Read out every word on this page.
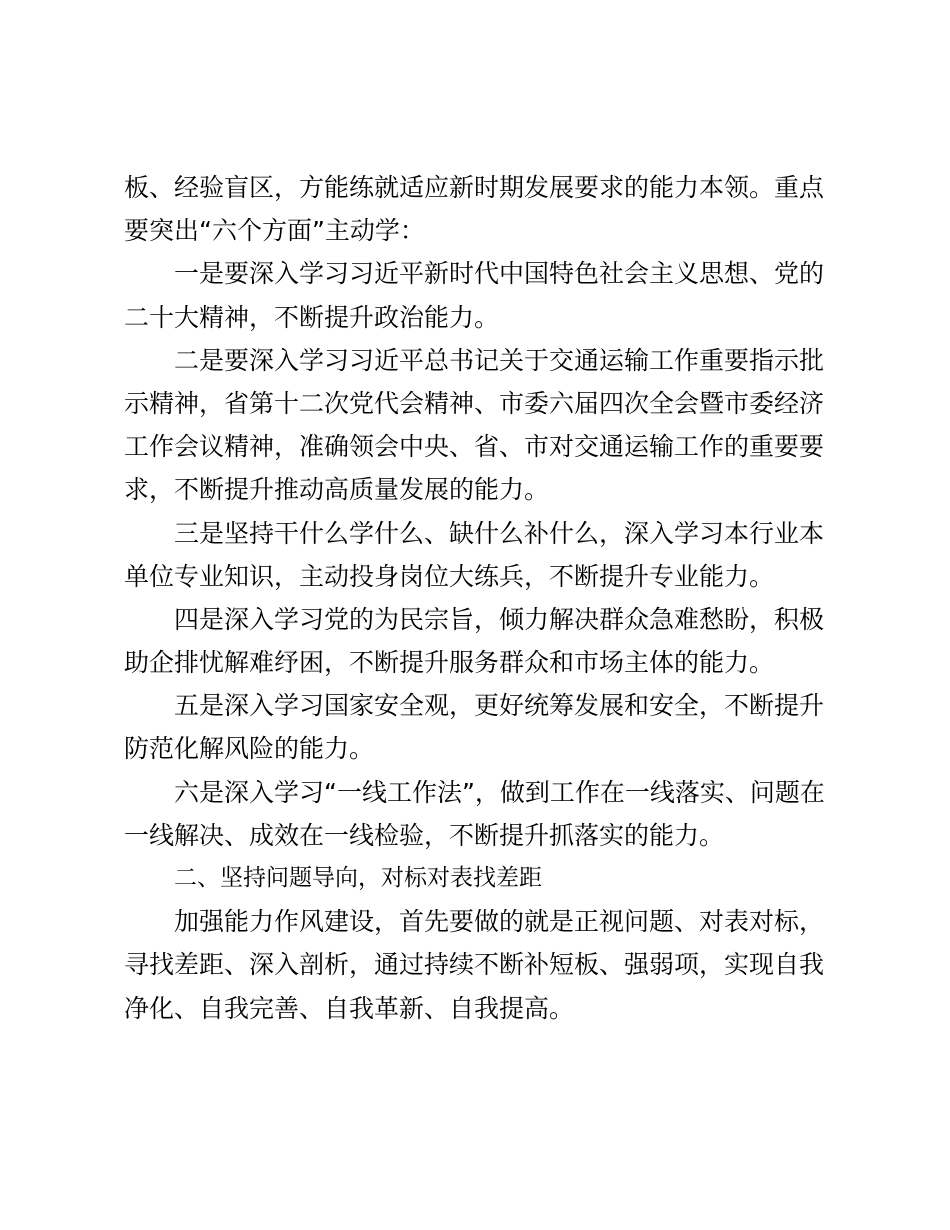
板、经验盲区，方能练就适应新时期发展要求的能力本领。重点
要突出“六个方面”主动学：
一是要深入学习习近平新时代中国特色社会主义思想、党的
二十大精神，不断提升政治能力。
二是要深入学习习近平总书记关于交通运输工作重要指示批
示精神，省第十二次党代会精神、市委六届四次全会暨市委经济
工作会议精神，准确领会中央、省、市对交通运输工作的重要要
求，不断提升推动高质量发展的能力。
三是坚持干什么学什么、缺什么补什么，深入学习本行业本
单位专业知识，主动投身岗位大练兵，不断提升专业能力。
四是深入学习党的为民宗旨，倾力解决群众急难愁盼，积极
助企排忧解难纾困，不断提升服务群众和市场主体的能力。
五是深入学习国家安全观，更好统筹发展和安全，不断提升
防范化解风险的能力。
六是深入学习“一线工作法”，做到工作在一线落实、问题在
一线解决、成效在一线检验，不断提升抓落实的能力。
二、坚持问题导向，对标对表找差距
加强能力作风建设，首先要做的就是正视问题、对表对标，
寻找差距、深入剖析，通过持续不断补短板、强弱项，实现自我
净化、自我完善、自我革新、自我提高。
